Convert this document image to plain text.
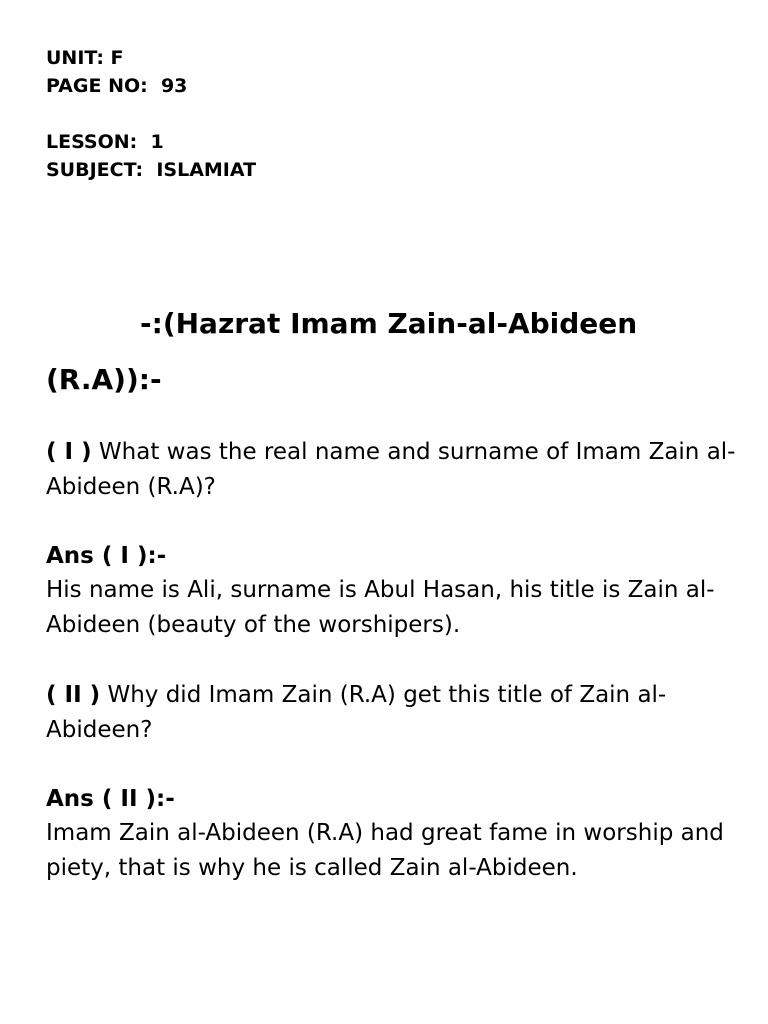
UNIT: F
PAGE NO:  93
LESSON:  1
SUBJECT:  ISLAMIAT
-:(Hazrat Imam Zain-al-Abideen (R.A)):-
( I ) What was the real name and surname of Imam Zain al-Abideen (R.A)?
Ans ( I ):-
His name is Ali, surname is Abul Hasan, his title is Zain al-Abideen (beauty of the worshipers).
( II ) Why did Imam Zain (R.A) get this title of Zain al-Abideen?
Ans ( II ):-
Imam Zain al-Abideen (R.A) had great fame in worship and piety, that is why he is called Zain al-Abideen.
